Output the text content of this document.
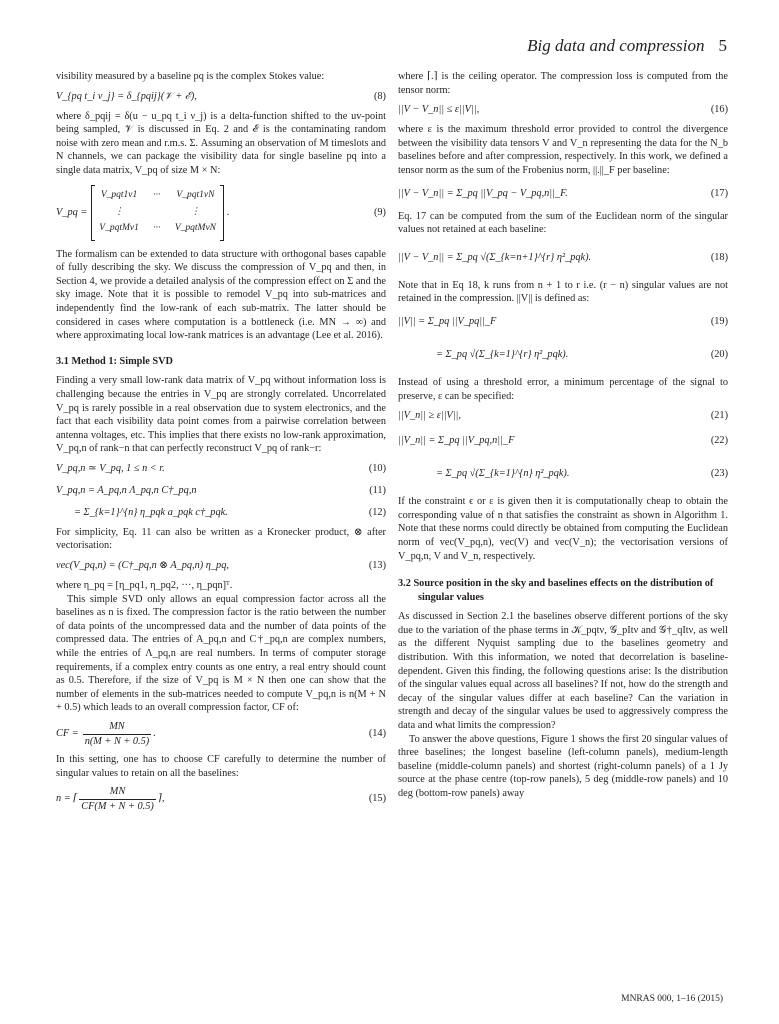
Big data and compression 5

visibility measured by a baseline pq is the complex Stokes value:

V_{pq t_i ν_j} = δ_{pqij}(𝒱 + ℰ),	(8)

where δ_pqij = δ(u − u_pq t_i ν_j) is a delta-function shifted to the uv-point being sampled, 𝒱 is discussed in Eq. 2 and ℰ is the contaminating random noise with zero mean and r.m.s. Σ. Assuming an observation of M timeslots and N channels, we can package the visibility data for single baseline pq into a single data matrix, V_pq of size M × N:

V_pq =
V_pqt1ν1	···	V_pqt1νN
⋮	⋮
V_pqtMν1	···	V_pqtMνN
.	(9)

The formalism can be extended to data structure with orthogonal bases capable of fully describing the sky. We discuss the compression of V_pq and then, in Section 4, we provide a detailed analysis of the compression effect on Σ and the sky image. Note that it is possible to remodel V_pq into sub-matrices and independently find the low-rank of each sub-matrix. The latter should be considered in cases where computation is a bottleneck (i.e. MN → ∞) and where approximating local low-rank matrices is an advantage (Lee et al. 2016).

3.1 Method 1: Simple SVD

Finding a very small low-rank data matrix of V_pq without information loss is challenging because the entries in V_pq are strongly correlated. Uncorrelated V_pq is rarely possible in a real observation due to system electronics, and the fact that each visibility data point comes from a pairwise correlation between antenna voltages, etc. This implies that there exists no low-rank approximation, V_pq,n of rank−n that can perfectly reconstruct V_pq of rank−r:

V_pq,n ≃ V_pq, 1 ≤ n < r.	(10)
V_pq,n = A_pq,n Λ_pq,n C†_pq,n	(11)
= Σ_{k=1}^{n} η_pqk a_pqk c†_pqk.	(12)

For simplicity, Eq. 11 can also be written as a Kronecker product, ⊗ after vectorisation:

vec(V_pq,n) = (C†_pq,n ⊗ A_pq,n) η_pq,	(13)

where η_pq = [η_pq1, η_pq2, ···, η_pqn]ᵀ.

This simple SVD only allows an equal compression factor across all the baselines as n is fixed. The compression factor is the ratio between the number of data points of the uncompressed data and the number of data points of the compressed data. The entries of A_pq,n and C†_pq,n are complex numbers, while the entries of Λ_pq,n are real numbers. In terms of computer storage requirements, if a complex entry counts as one entry, a real entry should count as 0.5. Therefore, if the size of V_pq is M × N then one can show that the number of elements in the sub-matrices needed to compute V_pq,n is n(M + N + 0.5) which leads to an overall compression factor, CF of:

CF = $\frac{MN}{n(M + N + 0.5)}$ .	(14)

In this setting, one has to choose CF carefully to determine the number of singular values to retain on all the baselines:

n = ⌈
MN
CF(M + N + 0.5)
⌉,	(15)

where ⌈.⌉ is the ceiling operator. The compression loss is computed from the tensor norm:

||V − V_n|| ≤ ε||V||,	(16)

where ε is the maximum threshold error provided to control the divergence between the visibility data tensors V and V_n representing the data for the N_b baselines before and after compression, respectively. In this work, we defined a tensor norm as the sum of the Frobenius norm, ||.||_F per baseline:

||V − V_n|| = Σ_pq ||V_pq − V_pq,n||_F.	(17)

Eq. 17 can be computed from the sum of the Euclidean norm of the singular values not retained at each baseline:

||V − V_n|| = Σ_pq √(Σ_{k=n+1}^{r} η²_pqk).	(18)

Note that in Eq 18, k runs from n + 1 to r i.e. (r − n) singular values are not retained in the compression. ||V|| is defined as:

||V|| = Σ_pq ||V_pq||_F	(19)
= Σ_pq √(Σ_{k=1}^{r} η²_pqk).	(20)

Instead of using a threshold error, a minimum percentage of the signal to preserve, ε can be specified:

||V_n|| ≥ ε||V||,	(21)
||V_n|| = Σ_pq ||V_pq,n||_F	(22)
= Σ_pq √(Σ_{k=1}^{n} η²_pqk).	(23)

If the constraint ϵ or ε is given then it is computationally cheap to obtain the corresponding value of n that satisfies the constraint as shown in Algorithm 1. Note that these norms could directly be obtained from computing the Euclidean norm of vec(V_pq,n), vec(V) and vec(V_n); the vectorisation versions of V_pq,n, V and V_n, respectively.

3.2 Source position in the sky and baselines effects on the distribution of singular values

As discussed in Section 2.1 the baselines observe different portions of the sky due to the variation of the phase terms in 𝒦_pqtν, 𝒢_pItν and 𝒢†_qItν, as well as the different Nyquist sampling due to the baselines geometry and distribution. With this information, we noted that decorrelation is baseline-dependent. Given this finding, the following questions arise: Is the distribution of the singular values equal across all baselines? If not, how do the strength and decay of the singular values differ at each baseline? Can the variation in strength and decay of the singular values be used to aggressively compress the data and what limits the compression?

To answer the above questions, Figure 1 shows the first 20 singular values of three baselines; the longest baseline (left-column panels), medium-length baseline (middle-column panels) and shortest (right-column panels) of a 1 Jy source at the phase centre (top-row panels), 5 deg (middle-row panels) and 10 deg (bottom-row panels) away

MNRAS 000, 1–16 (2015)
